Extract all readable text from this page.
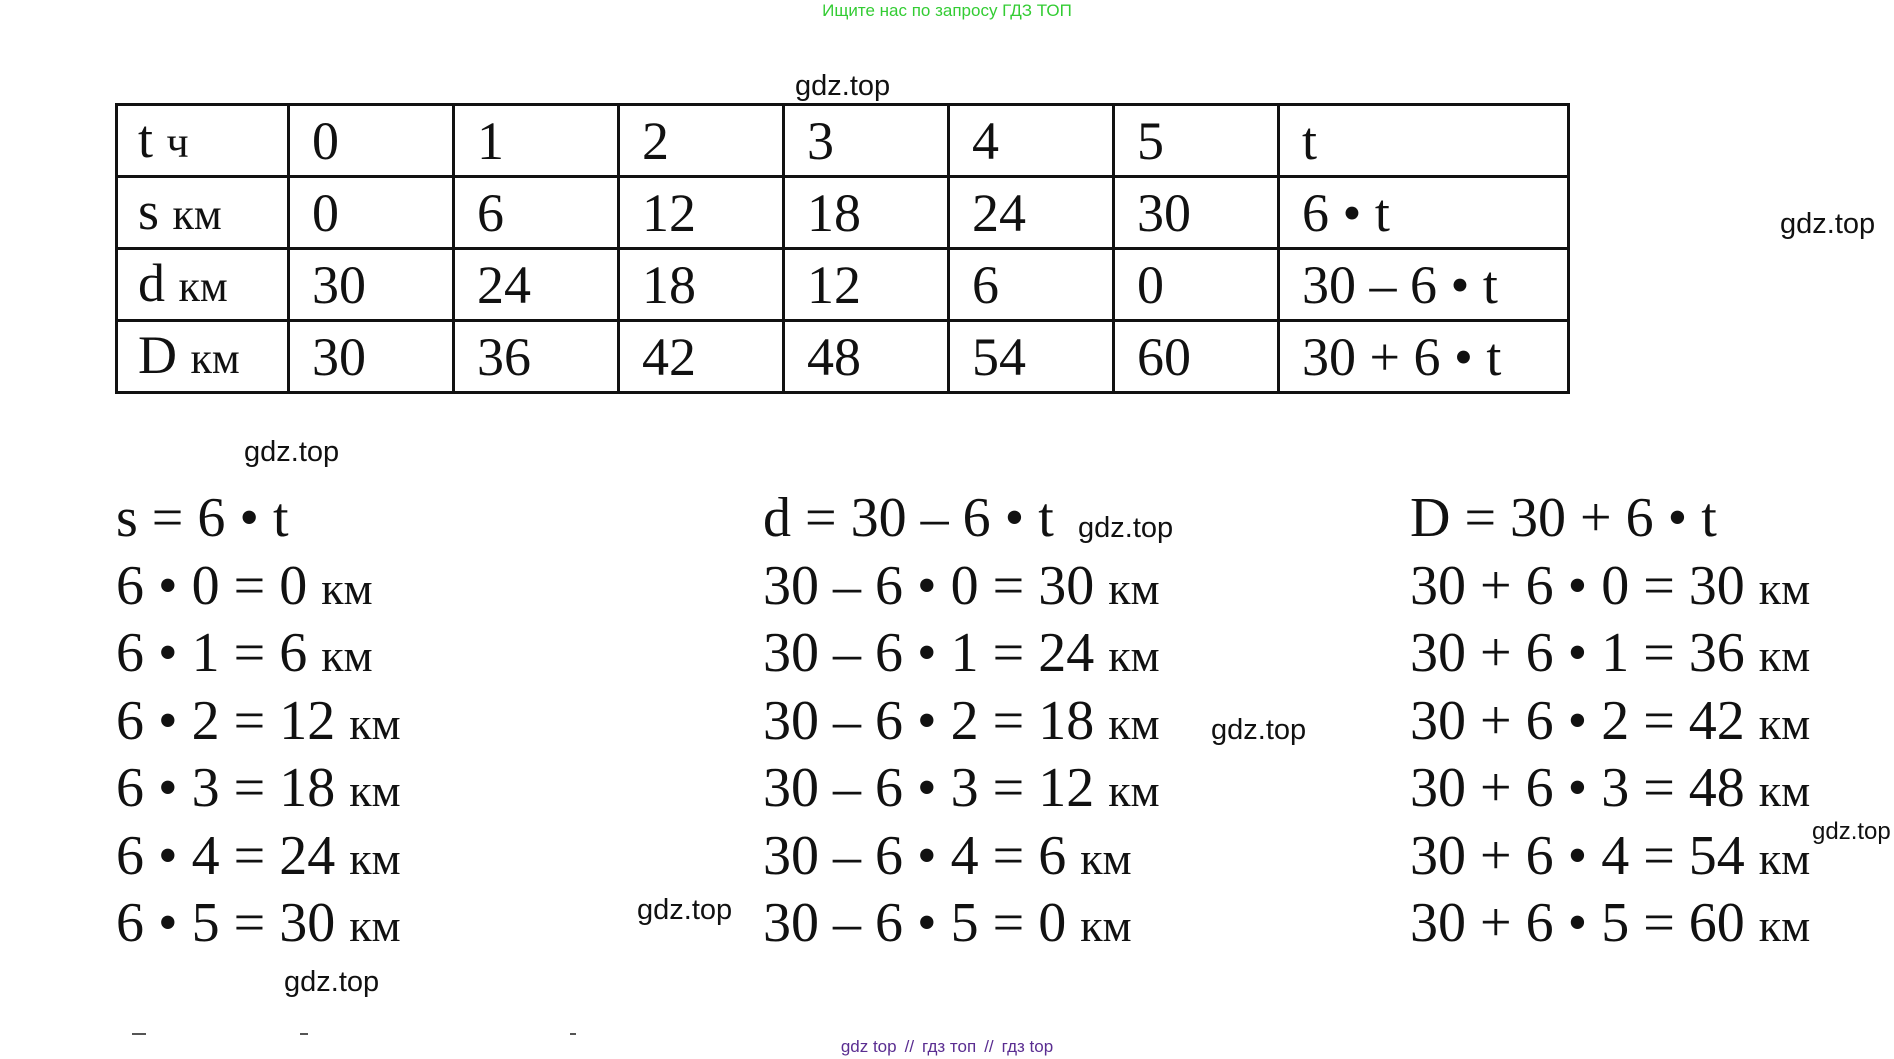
Ищите нас по запросу ГДЗ ТОП
gdz.top
gdz.top
gdz.top
gdz.top
gdz.top
gdz.top
gdz.top
gdz.top
t ч	0	1	2	3	4	5	t
s км	0	6	12	18	24	30	6 • t
d км	30	24	18	12	6	0	30 – 6 • t
D км	30	36	42	48	54	60	30 + 6 • t
s = 6 • t
6 • 0 = 0 км
6 • 1 = 6 км
6 • 2 = 12 км
6 • 3 = 18 км
6 • 4 = 24 км
6 • 5 = 30 км
d = 30 – 6 • t
30 – 6 • 0 = 30 км
30 – 6 • 1 = 24 км
30 – 6 • 2 = 18 км
30 – 6 • 3 = 12 км
30 – 6 • 4 = 6 км
30 – 6 • 5 = 0 км
D = 30 + 6 • t
30 + 6 • 0 = 30 км
30 + 6 • 1 = 36 км
30 + 6 • 2 = 42 км
30 + 6 • 3 = 48 км
30 + 6 • 4 = 54 км
30 + 6 • 5 = 60 км
gdz top // гдз топ // гдз top
